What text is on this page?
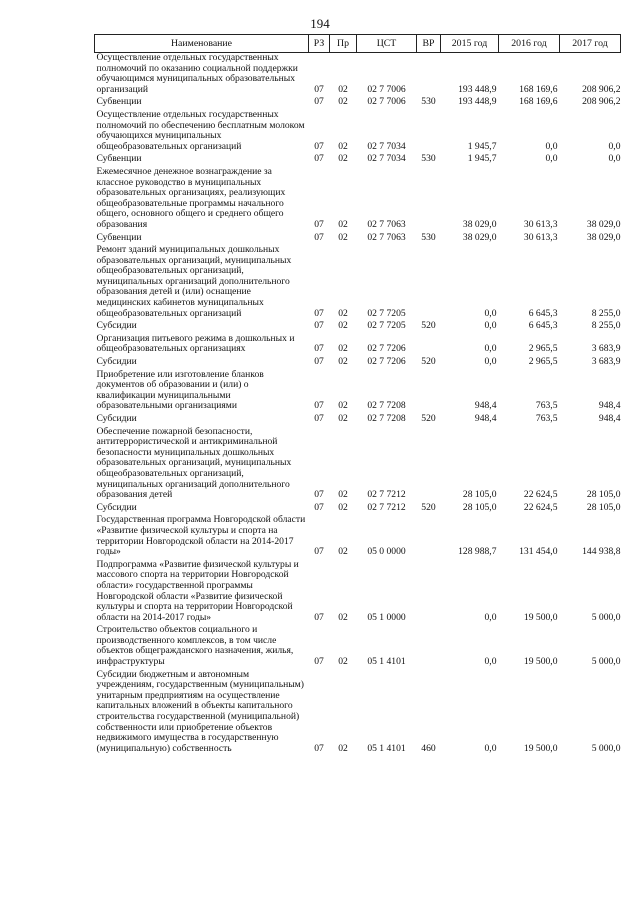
194
Наименование	РЗ	Пр	ЦСТ	ВР	2015 год	2016 год	2017 год
Осуществление отдельных государственных полномочий по оказанию социальной поддержки обучающимся муниципальных образовательных организаций	07	02	02 7 7006		193 448,9	168 169,6	208 906,2
Субвенции	07	02	02 7 7006	530	193 448,9	168 169,6	208 906,2
Осуществление отдельных государственных полномочий по обеспечению бесплатным молоком обучающихся муниципальных общеобразовательных организаций	07	02	02 7 7034		1 945,7	0,0	0,0
Субвенции	07	02	02 7 7034	530	1 945,7	0,0	0,0
Ежемесячное денежное вознаграждение за классное руководство в муниципальных образовательных организациях, реализующих общеобразовательные программы начального общего, основного общего и среднего общего образования	07	02	02 7 7063		38 029,0	30 613,3	38 029,0
Субвенции	07	02	02 7 7063	530	38 029,0	30 613,3	38 029,0
Ремонт зданий муниципальных дошкольных образовательных организаций, муниципальных общеобразовательных организаций, муниципальных организаций дополнительного образования детей и (или) оснащение медицинских кабинетов муниципальных общеобразовательных организаций	07	02	02 7 7205		0,0	6 645,3	8 255,0
Субсидии	07	02	02 7 7205	520	0,0	6 645,3	8 255,0
Организация питьевого режима в дошкольных и общеобразовательных организациях	07	02	02 7 7206		0,0	2 965,5	3 683,9
Субсидии	07	02	02 7 7206	520	0,0	2 965,5	3 683,9
Приобретение или изготовление бланков документов об образовании и (или) о квалификации муниципальными образовательными организациями	07	02	02 7 7208		948,4	763,5	948,4
Субсидии	07	02	02 7 7208	520	948,4	763,5	948,4
Обеспечение пожарной безопасности, антитеррористической и антикриминальной безопасности муниципальных дошкольных образовательных организаций, муниципальных общеобразовательных организаций, муниципальных организаций дополнительного образования детей	07	02	02 7 7212		28 105,0	22 624,5	28 105,0
Субсидии	07	02	02 7 7212	520	28 105,0	22 624,5	28 105,0
Государственная программа Новгородской области «Развитие физической культуры и спорта на территории Новгородской области на 2014-2017 годы»	07	02	05 0 0000		128 988,7	131 454,0	144 938,8
Подпрограмма «Развитие физической культуры и массового спорта на территории Новгородской области» государственной программы Новгородской области «Развитие физической культуры и спорта на территории Новгородской области на 2014-2017 годы»	07	02	05 1 0000		0,0	19 500,0	5 000,0
Строительство объектов социального и производственного комплексов, в том числе объектов общегражданского назначения, жилья, инфраструктуры	07	02	05 1 4101		0,0	19 500,0	5 000,0
Субсидии бюджетным и автономным учреждениям, государственным (муниципальным) унитарным предприятиям на осуществление капитальных вложений в объекты капитального строительства государственной (муниципальной) собственности или приобретение объектов недвижимого имущества в государственную (муниципальную) собственность	07	02	05 1 4101	460	0,0	19 500,0	5 000,0
